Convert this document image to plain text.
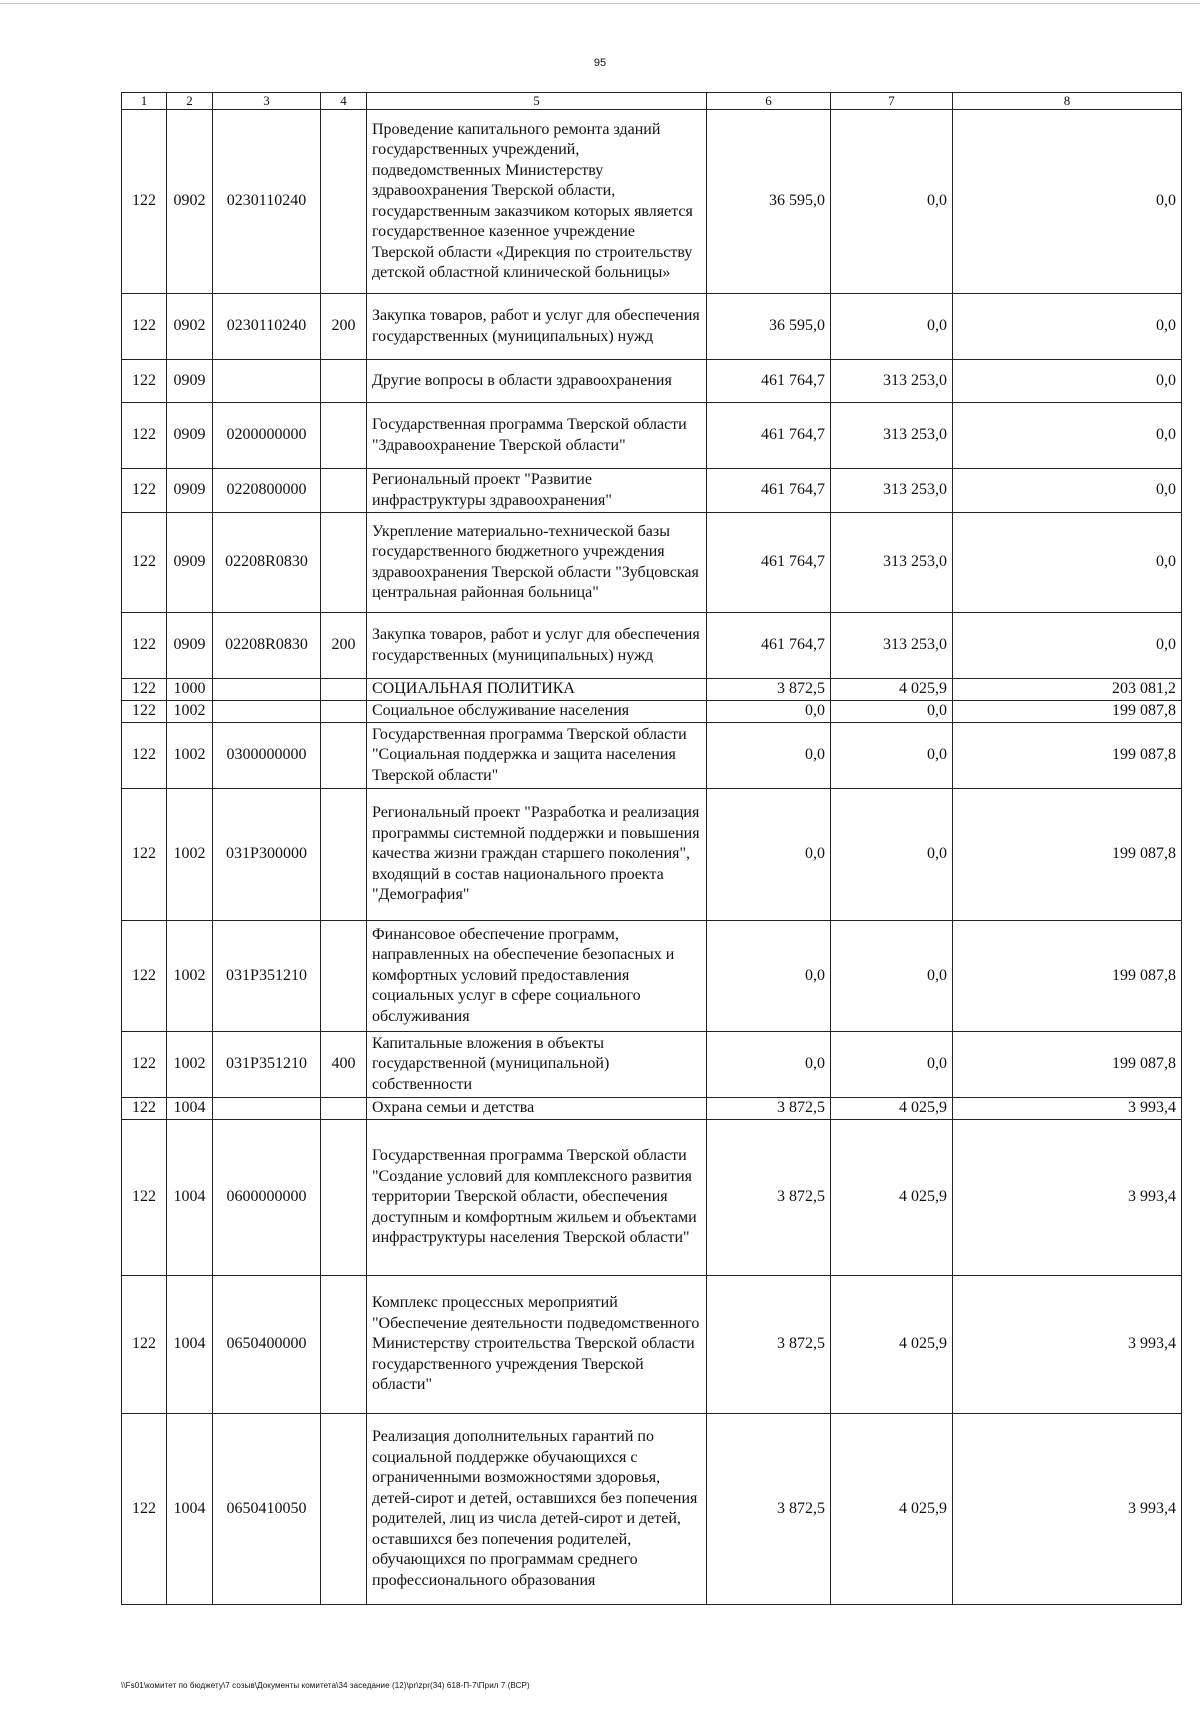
95
1	2	3	4	5	6	7	8
122	0902	0230110240		Проведение капитального ремонта зданий государственных учреждений, подведомственных Министерству здравоохранения Тверской области, государственным заказчиком которых является государственное казенное учреждение Тверской области «Дирекция по строительству детской областной клинической больницы»	36 595,0	0,0	0,0
122	0902	0230110240	200	Закупка товаров, работ и услуг для обеспечения государственных (муниципальных) нужд	36 595,0	0,0	0,0
122	0909			Другие вопросы в области здравоохранения	461 764,7	313 253,0	0,0
122	0909	0200000000		Государственная программа Тверской области "Здравоохранение Тверской области"	461 764,7	313 253,0	0,0
122	0909	0220800000		Региональный проект "Развитие инфраструктуры здравоохранения"	461 764,7	313 253,0	0,0
122	0909	02208R0830		Укрепление материально-технической базы государственного бюджетного учреждения здравоохранения Тверской области "Зубцовская центральная районная больница"	461 764,7	313 253,0	0,0
122	0909	02208R0830	200	Закупка товаров, работ и услуг для обеспечения государственных (муниципальных) нужд	461 764,7	313 253,0	0,0
122	1000			СОЦИАЛЬНАЯ ПОЛИТИКА	3 872,5	4 025,9	203 081,2
122	1002			Социальное обслуживание населения	0,0	0,0	199 087,8
122	1002	0300000000		Государственная программа Тверской области "Социальная поддержка и защита населения Тверской области"	0,0	0,0	199 087,8
122	1002	031P300000		Региональный проект "Разработка и реализация программы системной поддержки и повышения качества жизни граждан старшего поколения", входящий в состав национального проекта "Демография"	0,0	0,0	199 087,8
122	1002	031P351210		Финансовое обеспечение программ, направленных на обеспечение безопасных и комфортных условий предоставления социальных услуг в сфере социального обслуживания	0,0	0,0	199 087,8
122	1002	031P351210	400	Капитальные вложения в объекты государственной (муниципальной) собственности	0,0	0,0	199 087,8
122	1004			Охрана семьи и детства	3 872,5	4 025,9	3 993,4
122	1004	0600000000		Государственная программа Тверской области "Создание условий для комплексного развития территории Тверской области, обеспечения доступным и комфортным жильем и объектами инфраструктуры населения Тверской области"	3 872,5	4 025,9	3 993,4
122	1004	0650400000		Комплекс процессных мероприятий "Обеспечение деятельности подведомственного Министерству строительства Тверской области государственного учреждения Тверской области"	3 872,5	4 025,9	3 993,4
122	1004	0650410050		Реализация дополнительных гарантий по социальной поддержке обучающихся с ограниченными возможностями здоровья, детей-сирот и детей, оставшихся без попечения родителей, лиц из числа детей-сирот и детей, оставшихся без попечения родителей, обучающихся по программам среднего профессионального образования	3 872,5	4 025,9	3 993,4
\\Fs01\комитет по бюджету\7 созыв\Документы комитета\34 заседание (12)\pr\zpr(34) 618-П-7\Прил 7 (ВСР)
